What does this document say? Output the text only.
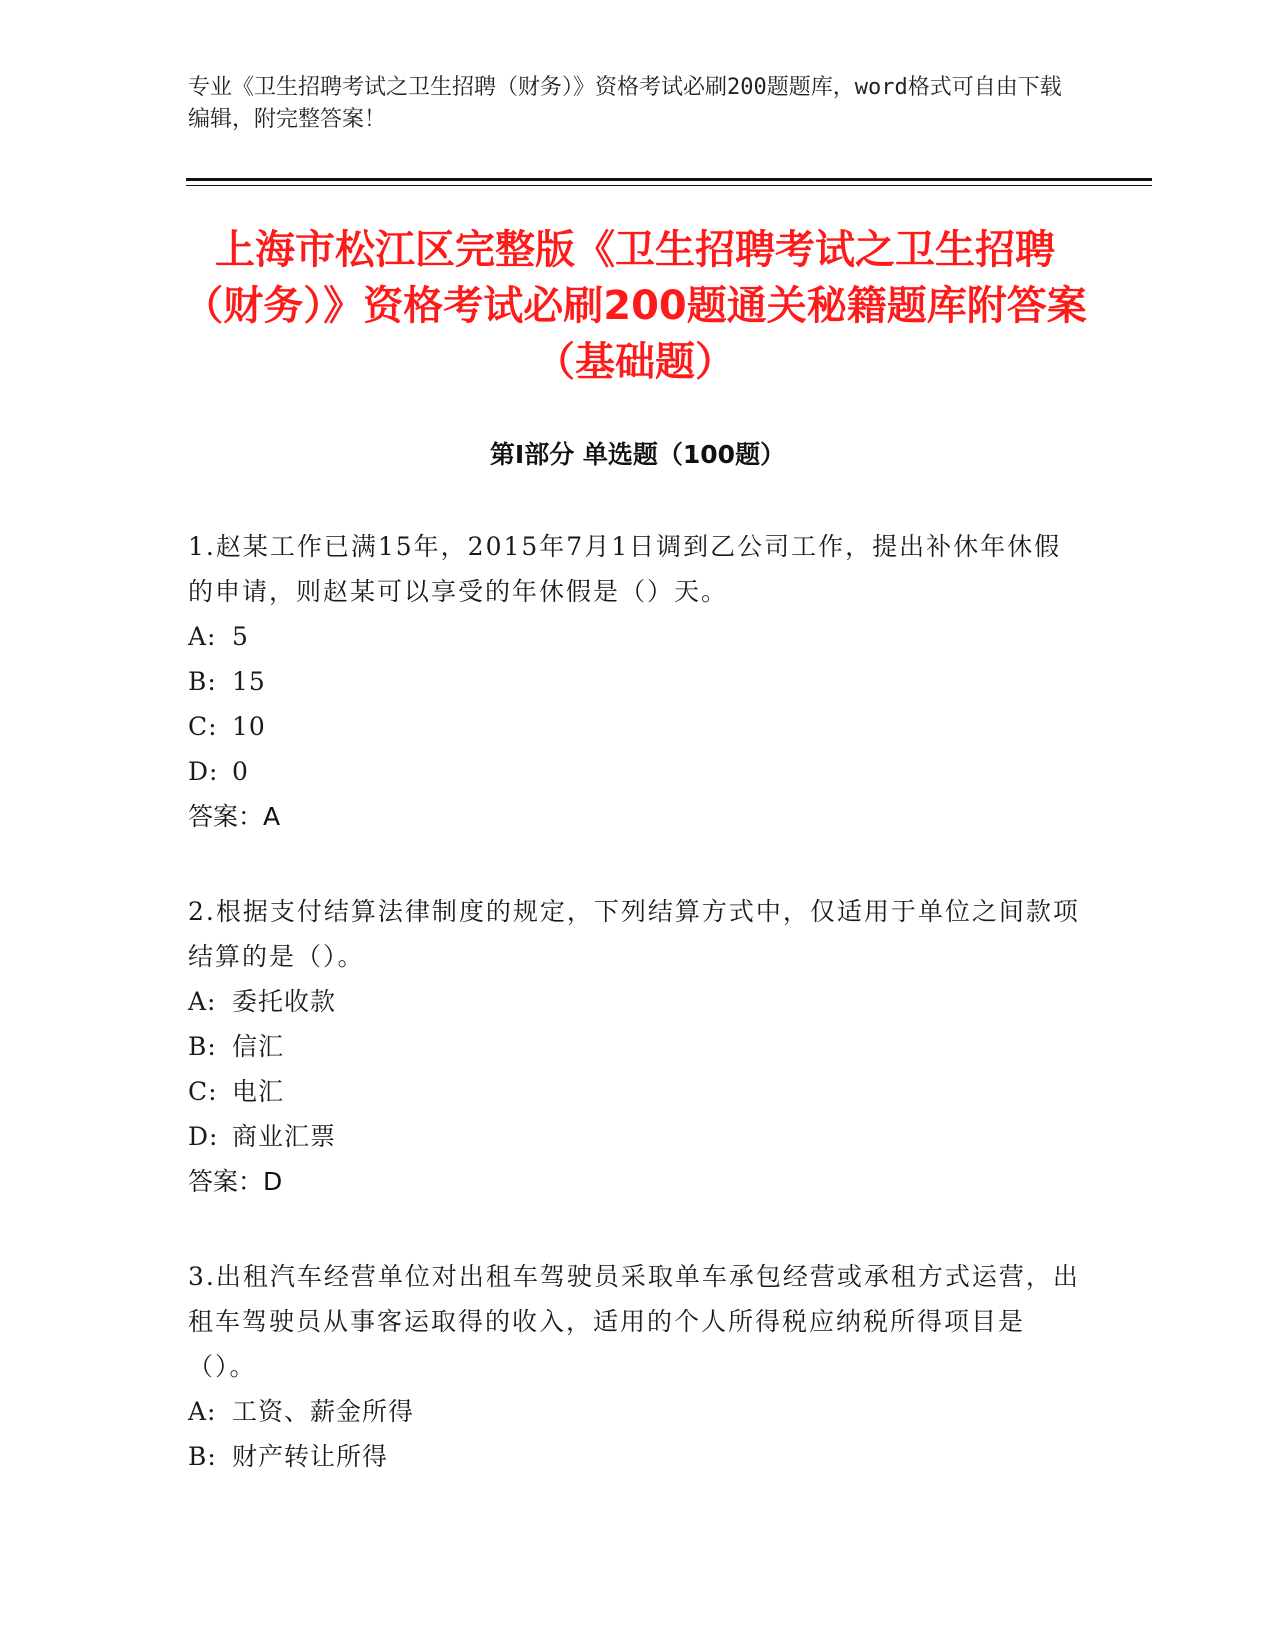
专业《卫生招聘考试之卫生招聘（财务）》资格考试必刷200题题库，word格式可自由下载编辑，附完整答案！
上海市松江区完整版《卫生招聘考试之卫生招聘（财务）》资格考试必刷200题通关秘籍题库附答案（基础题）
第Ⅰ部分 单选题（100题）
1.赵某工作已满15年，2015年7月1日调到乙公司工作，提出补休年休假的申请，则赵某可以享受的年休假是（）天。
A: 5
B: 15
C: 10
D: 0
答案：A
2.根据支付结算法律制度的规定，下列结算方式中，仅适用于单位之间款项结算的是（）。
A: 委托收款
B: 信汇
C: 电汇
D: 商业汇票
答案：D
3.出租汽车经营单位对出租车驾驶员采取单车承包经营或承租方式运营，出租车驾驶员从事客运取得的收入，适用的个人所得税应纳税所得项目是（）。
A: 工资、薪金所得
B: 财产转让所得
